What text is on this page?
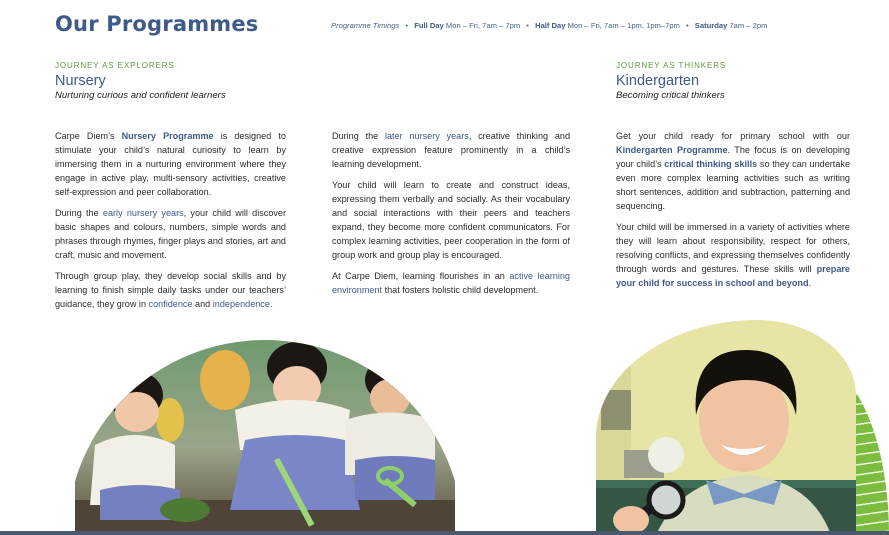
Our Programmes	Programme Timings • Full Day Mon – Fri, 7am – 7pm • Half Day Mon – Fri, 7am – 1pm, 1pm–7pm • Saturday 7am – 2pm
JOURNEY AS EXPLORERS
Nursery
Nurturing curious and confident learners
JOURNEY AS THINKERS
Kindergarten
Becoming critical thinkers

Carpe Diem’s Nursery Programme is designed to stimulate your child’s natural curiosity to learn by immersing them in a nurturing environment where they engage in active play, multi-sensory activities, creative self-expression and peer collaboration.

During the early nursery years, your child will discover basic shapes and colours, numbers, simple words and phrases through rhymes, finger plays and stories, art and craft, music and movement.

Through group play, they develop social skills and by learning to finish simple daily tasks under our teachers’ guidance, they grow in confidence and independence.

During the later nursery years, creative thinking and creative expression feature prominently in a child’s learning development.

Your child will learn to create and construct ideas, expressing them verbally and socially. As their vocabulary and social interactions with their peers and teachers expand, they become more confident communicators. For complex learning activities, peer cooperation in the form of group work and group play is encouraged.

At Carpe Diem, learning flourishes in an active learning environment that fosters holistic child development.

Get your child ready for primary school with our Kindergarten Programme. The focus is on developing your child’s critical thinking skills so they can undertake even more complex learning activities such as writing short sentences, addition and subtraction, patterning and sequencing.

Your child will be immersed in a variety of activities where they will learn about responsibility, respect for others, resolving conflicts, and expressing themselves confidently through words and gestures. These skills will prepare your child for success in school and beyond.
